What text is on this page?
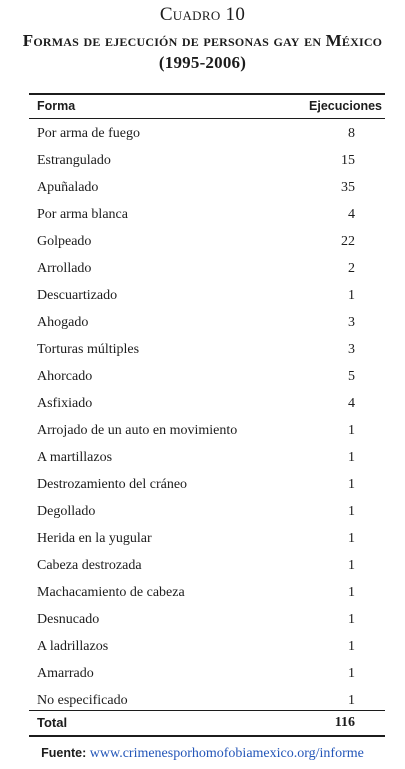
Cuadro 10
Formas de ejecución de personas gay en México
(1995-2006)
Forma	Ejecuciones
Por arma de fuego	8
Estrangulado	15
Apuñalado	35
Por arma blanca	4
Golpeado	22
Arrollado	2
Descuartizado	1
Ahogado	3
Torturas múltiples	3
Ahorcado	5
Asfixiado	4
Arrojado de un auto en movimiento	1
A martillazos	1
Destrozamiento del cráneo	1
Degollado	1
Herida en la yugular	1
Cabeza destrozada	1
Machacamiento de cabeza	1
Desnucado	1
A ladrillazos	1
Amarrado	1
No especificado	1
Total	116
Fuente: www.crimenesporhomofobiamexico.org/informe
